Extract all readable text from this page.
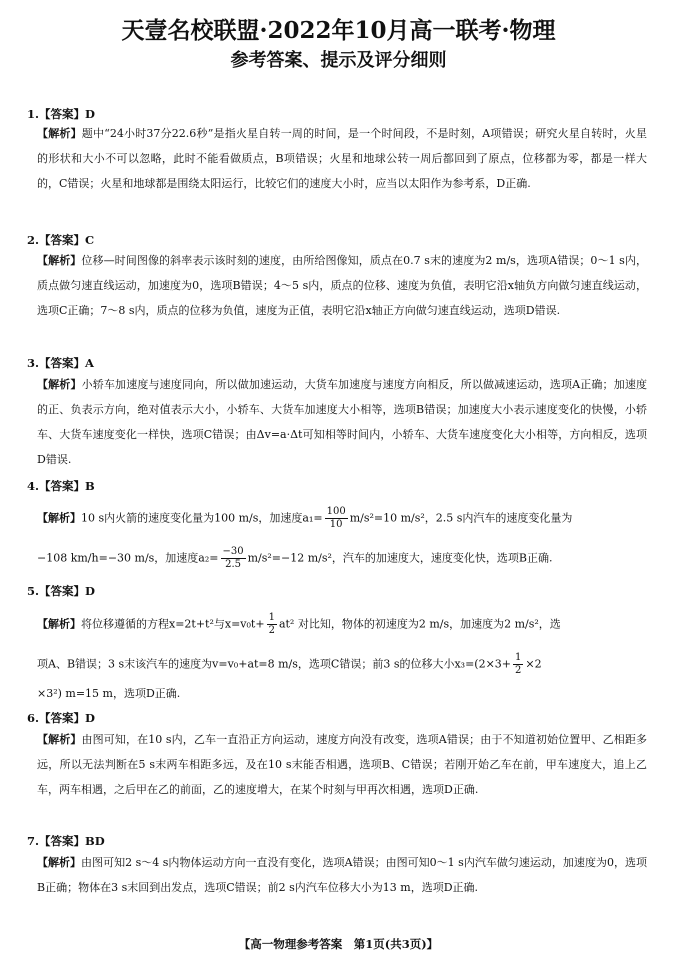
天壹名校联盟·2022年10月高一联考·物理
参考答案、提示及评分细则
1.【答案】D
【解析】题中“24小时37分22.6秒”是指火星自转一周的时间，是一个时间段，不是时刻，A项错误；研究火星自转时，火星的形状和大小不可以忽略，此时不能看做质点，B项错误；火星和地球公转一周后都回到了原点，位移都为零，都是一样大的，C错误；火星和地球都是围绕太阳运行，比较它们的速度大小时，应当以太阳作为参考系，D正确.
2.【答案】C
【解析】位移—时间图像的斜率表示该时刻的速度，由所给图像知，质点在0.7 s末的速度为2 m/s，选项A错误；0～1 s内，质点做匀速直线运动，加速度为0，选项B错误；4～5 s内，质点的位移、速度为负值，表明它沿x轴负方向做匀速直线运动，选项C正确；7～8 s内，质点的位移为负值，速度为正值，表明它沿x轴正方向做匀速直线运动，选项D错误.
3.【答案】A
【解析】小轿车加速度与速度同向，所以做加速运动，大货车加速度与速度方向相反，所以做减速运动，选项A正确；加速度的正、负表示方向，绝对值表示大小，小轿车、大货车加速度大小相等，选项B错误；加速度大小表示速度变化的快慢，小轿车、大货车速度变化一样快，选项C错误；由Δv=a·Δt可知相等时间内，小轿车、大货车速度变化大小相等，方向相反，选项D错误.
4.【答案】B
【解析】10 s内火箭的速度变化量为100 m/s，加速度$a_1= \frac{100}{10} m/s^2=10$ m/s²，2.5 s内汽车的速度变化量为
−108 km/h=−30 m/s，加速度$a_2= \frac{-30}{2.5} m/s^2=-12$ m/s²，汽车的加速度大，速度变化快，选项B正确.
5.【答案】D
【解析】将位移遵循的方程x=2t+t²与$x=v_0t+ \frac{1}{2} at^2$ 对比知，物体的初速度为2 m/s，加速度为2 m/s²，选
项A、B错误；3 s末该汽车的速度为v=v₀+at=8 m/s，选项C错误；前3 s的位移大小$x_3=(2\times 3+ \frac{1}{2} \times 2$
×3²) m=15 m，选项D正确.
6.【答案】D
【解析】由图可知，在10 s内，乙车一直沿正方向运动，速度方向没有改变，选项A错误；由于不知道初始位置甲、乙相距多远，所以无法判断在5 s末两车相距多远，及在10 s末能否相遇，选项B、C错误；若刚开始乙车在前，甲车速度大，追上乙车，两车相遇，之后甲在乙的前面，乙的速度增大，在某个时刻与甲再次相遇，选项D正确.
7.【答案】BD
【解析】由图可知2 s～4 s内物体运动方向一直没有变化，选项A错误；由图可知0～1 s内汽车做匀速运动，加速度为0，选项B正确；物体在3 s末回到出发点，选项C错误；前2 s内汽车位移大小为13 m，选项D正确.
【高一物理参考答案　第1页(共3页)】
